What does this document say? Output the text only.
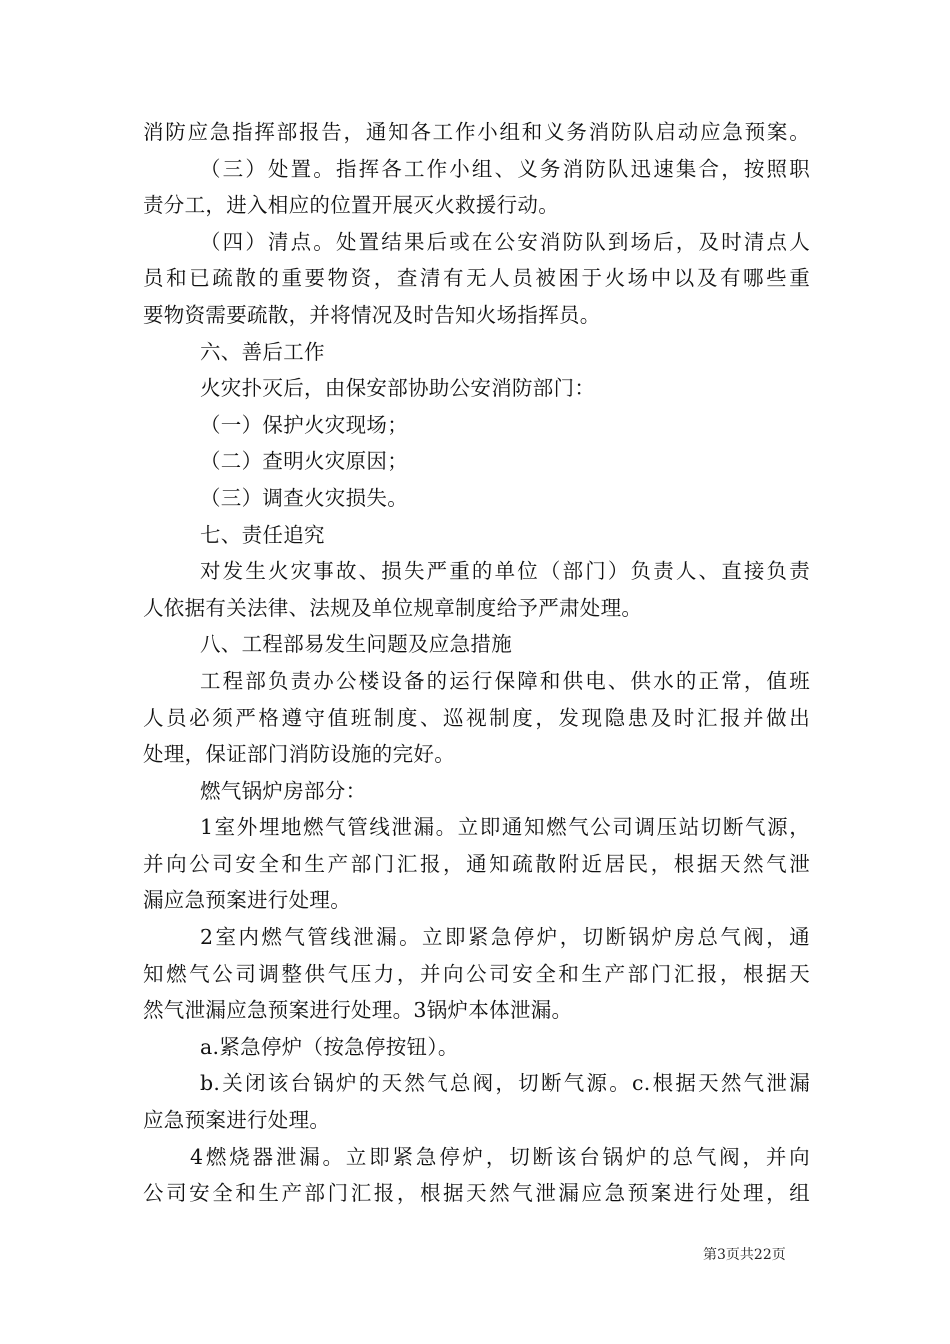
消防应急指挥部报告，通知各工作小组和义务消防队启动应急预案。
（三）处置。指挥各工作小组、义务消防队迅速集合，按照职
责分工，进入相应的位置开展灭火救援行动。
（四）清点。处置结果后或在公安消防队到场后，及时清点人
员和已疏散的重要物资，查清有无人员被困于火场中以及有哪些重
要物资需要疏散，并将情况及时告知火场指挥员。
六、善后工作
火灾扑灭后，由保安部协助公安消防部门：
（一）保护火灾现场；
（二）查明火灾原因；
（三）调查火灾损失。
七、责任追究
对发生火灾事故、损失严重的单位（部门）负责人、直接负责
人依据有关法律、法规及单位规章制度给予严肃处理。
八、工程部易发生问题及应急措施
工程部负责办公楼设备的运行保障和供电、供水的正常，值班
人员必须严格遵守值班制度、巡视制度，发现隐患及时汇报并做出
处理，保证部门消防设施的完好。
燃气锅炉房部分：
1室外埋地燃气管线泄漏。立即通知燃气公司调压站切断气源，
并向公司安全和生产部门汇报，通知疏散附近居民，根据天然气泄
漏应急预案进行处理。
2室内燃气管线泄漏。立即紧急停炉，切断锅炉房总气阀，通
知燃气公司调整供气压力，并向公司安全和生产部门汇报，根据天
然气泄漏应急预案进行处理。3锅炉本体泄漏。
a.紧急停炉（按急停按钮）。
b.关闭该台锅炉的天然气总阀，切断气源。c.根据天然气泄漏
应急预案进行处理。
4燃烧器泄漏。立即紧急停炉，切断该台锅炉的总气阀，并向
公司安全和生产部门汇报，根据天然气泄漏应急预案进行处理，组
第3页共22页
